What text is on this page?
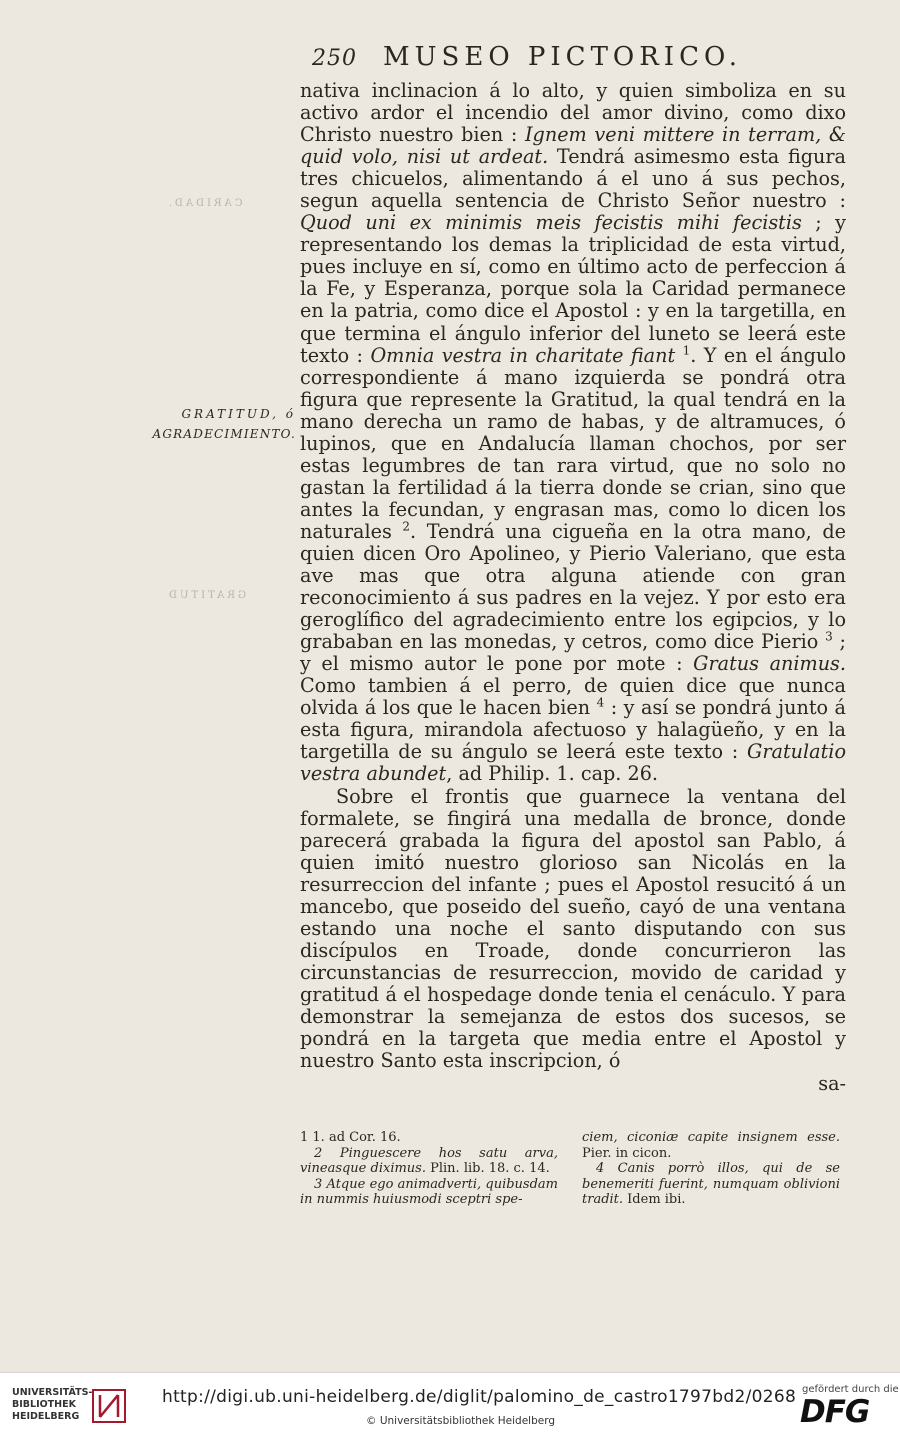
CARIDAD.
GRATITUD
250 MUSEO PICTORICO.
GRATITUD, ó
AGRADECIMIENTO.

nativa inclinacion á lo alto, y quien simboliza en su activo ardor el incendio del amor divino, como dixo Christo nuestro bien : Ignem veni mittere in terram, & quid volo, nisi ut ardeat. Tendrá asimesmo esta figura tres chicuelos, alimentando á el uno á sus pechos, segun aquella sentencia de Christo Señor nuestro : Quod uni ex minimis meis fecistis mihi fecistis ; y representando los demas la triplicidad de esta virtud, pues incluye en sí, como en último acto de perfeccion á la Fe, y Esperanza, porque sola la Caridad permanece en la patria, como dice el Apostol : y en la targetilla, en que termina el ángulo inferior del luneto se leerá este texto : Omnia vestra in charitate fiant $^1$. Y en el ángulo correspondiente á mano izquierda se pondrá otra figura que represente la Gratitud, la qual tendrá en la mano derecha un ramo de habas, y de altramuces, ó lupinos, que en Andalucía llaman chochos, por ser estas legumbres de tan rara virtud, que no solo no gastan la fertilidad á la tierra donde se crian, sino que antes la fecundan, y engrasan mas, como lo dicen los naturales $^2$. Tendrá una cigueña en la otra mano, de quien dicen Oro Apolineo, y Pierio Valeriano, que esta ave mas que otra alguna atiende con gran reconocimiento á sus padres en la vejez. Y por esto era geroglífico del agradecimiento entre los egipcios, y lo grababan en las monedas, y cetros, como dice Pierio $^3$ ; y el mismo autor le pone por mote : Gratus animus. Como tambien á el perro, de quien dice que nunca olvida á los que le hacen bien $^4$ : y así se pondrá junto á esta figura, mirandola afectuoso y halagüeño, y en la targetilla de su ángulo se leerá este texto : Gratulatio vestra abundet, ad Philip. 1. cap. 26.

Sobre el frontis que guarnece la ventana del formalete, se fingirá una medalla de bronce, donde parecerá grabada la figura del apostol san Pablo, á quien imitó nuestro glorioso san Nicolás en la resurreccion del infante ; pues el Apostol resucitó á un mancebo, que poseido del sueño, cayó de una ventana estando una noche el santo disputando con sus discípulos en Troade, donde concurrieron las circunstancias de resurreccion, movido de caridad y gratitud á el hospedage donde tenia el cenáculo. Y para demonstrar la semejanza de estos dos sucesos, se pondrá en la targeta que media entre el Apostol y nuestro Santo esta inscripcion, ó

sa-

1 1. ad Cor. 16.

2 Pinguescere hos satu arva, vineasque diximus. Plin. lib. 18. c. 14.

3 Atque ego animadverti, quibusdam in nummis huiusmodi sceptri spe-

ciem, ciconiæ capite insignem esse. Pier. in cicon.

4 Canis porrò illos, qui de se benemeriti fuerint, numquam oblivioni tradit. Idem ibi.

UNIVERSITÄTS-
BIBLIOTHEK
HEIDELBERG
http://digi.ub.uni-heidelberg.de/diglit/palomino_de_castro1797bd2/0268
© Universitätsbibliothek Heidelberg
gefördert durch die
DFG
